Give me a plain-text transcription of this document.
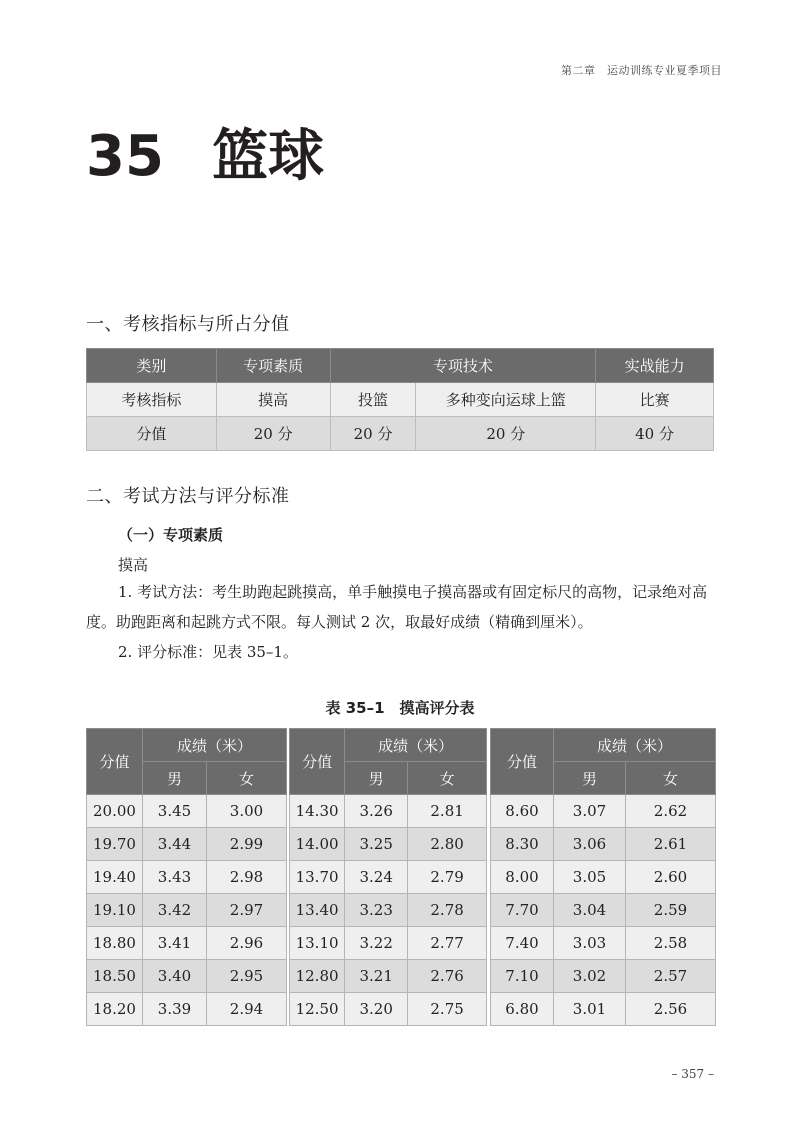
第二章　运动训练专业夏季项目
35 篮球
一、考核指标与所占分值
类别	专项素质	专项技术		实战能力
考核指标	摸高	投篮	多种变向运球上篮	比赛
分值	20 分	20 分	20 分	40 分
二、考试方法与评分标准
（一）专项素质
摸高
1. 考试方法：考生助跑起跳摸高，单手触摸电子摸高器或有固定标尺的高物，记录绝对高度。助跑距离和起跳方式不限。每人测试 2 次，取最好成绩（精确到厘米）。
2. 评分标准：见表 35–1。
表 35–1　摸高评分表
分值	成绩（米）	
	男	女
20.00	3.45	3.00
19.70	3.44	2.99
19.40	3.43	2.98
19.10	3.42	2.97
18.80	3.41	2.96
18.50	3.40	2.95
18.20	3.39	2.94
分值	成绩（米）	
	男	女
14.30	3.26	2.81
14.00	3.25	2.80
13.70	3.24	2.79
13.40	3.23	2.78
13.10	3.22	2.77
12.80	3.21	2.76
12.50	3.20	2.75
分值	成绩（米）	
	男	女
8.60	3.07	2.62
8.30	3.06	2.61
8.00	3.05	2.60
7.70	3.04	2.59
7.40	3.03	2.58
7.10	3.02	2.57
6.80	3.01	2.56
– 357 –
